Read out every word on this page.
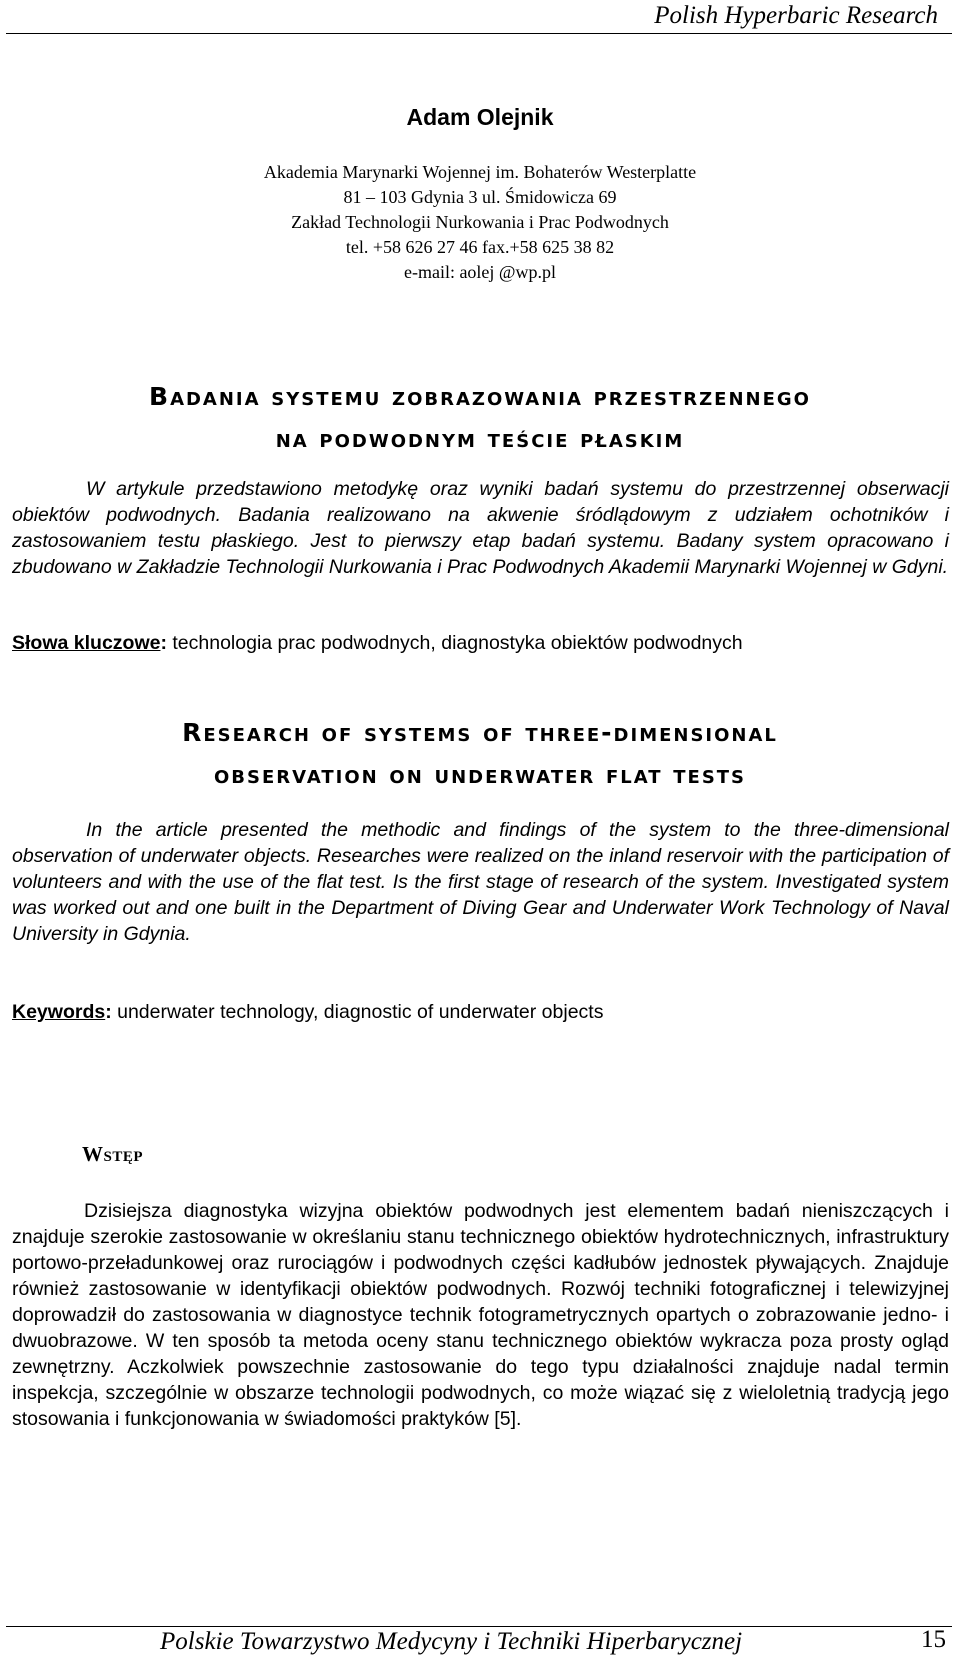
Polish Hyperbaric Research
Adam Olejnik
Akademia Marynarki Wojennej im. Bohaterów Westerplatte
81 – 103 Gdynia 3 ul. Śmidowicza 69
Zakład Technologii Nurkowania i Prac Podwodnych
tel. +58 626 27 46 fax.+58 625 38 82
e-mail: aolej @wp.pl
Badania systemu zobrazowania przestrzennego
na podwodnym teście płaskim
W artykule przedstawiono metodykę oraz wyniki badań systemu do przestrzennej obserwacji obiektów podwodnych. Badania realizowano na akwenie śródlądowym z udziałem ochotników i zastosowaniem testu płaskiego. Jest to pierwszy etap badań systemu. Badany system opracowano i zbudowano w Zakładzie Technologii Nurkowania i Prac Podwodnych Akademii Marynarki Wojennej w Gdyni.
Słowa kluczowe: technologia prac podwodnych, diagnostyka obiektów podwodnych
Research of systems of three-dimensional
observation on underwater flat tests
In the article presented the methodic and findings of the system to the three-dimensional observation of underwater objects. Researches were realized on the inland reservoir with the participation of volunteers and with the use of the flat test. Is the first stage of research of the system. Investigated system was worked out and one built in the Department of Diving Gear and Underwater Work Technology of Naval University in Gdynia.
Keywords: underwater technology, diagnostic of underwater objects
Wstęp
Dzisiejsza diagnostyka wizyjna obiektów podwodnych jest elementem badań nieniszczących i znajduje szerokie zastosowanie w określaniu stanu technicznego obiektów hydrotechnicznych, infrastruktury portowo-przeładunkowej oraz rurociągów i podwodnych części kadłubów jednostek pływających. Znajduje również zastosowanie w identyfikacji obiektów podwodnych. Rozwój techniki fotograficznej i telewizyjnej doprowadził do zastosowania w diagnostyce technik fotogrametrycznych opartych o zobrazowanie jedno- i dwuobrazowe. W ten sposób ta metoda oceny stanu technicznego obiektów wykracza poza prosty ogląd zewnętrzny. Aczkolwiek powszechnie zastosowanie do tego typu działalności znajduje nadal termin inspekcja, szczególnie w obszarze technologii podwodnych, co może wiązać się z wieloletnią tradycją jego stosowania i funkcjonowania w świadomości praktyków [5].
Polskie Towarzystwo Medycyny i Techniki Hiperbarycznej	15
